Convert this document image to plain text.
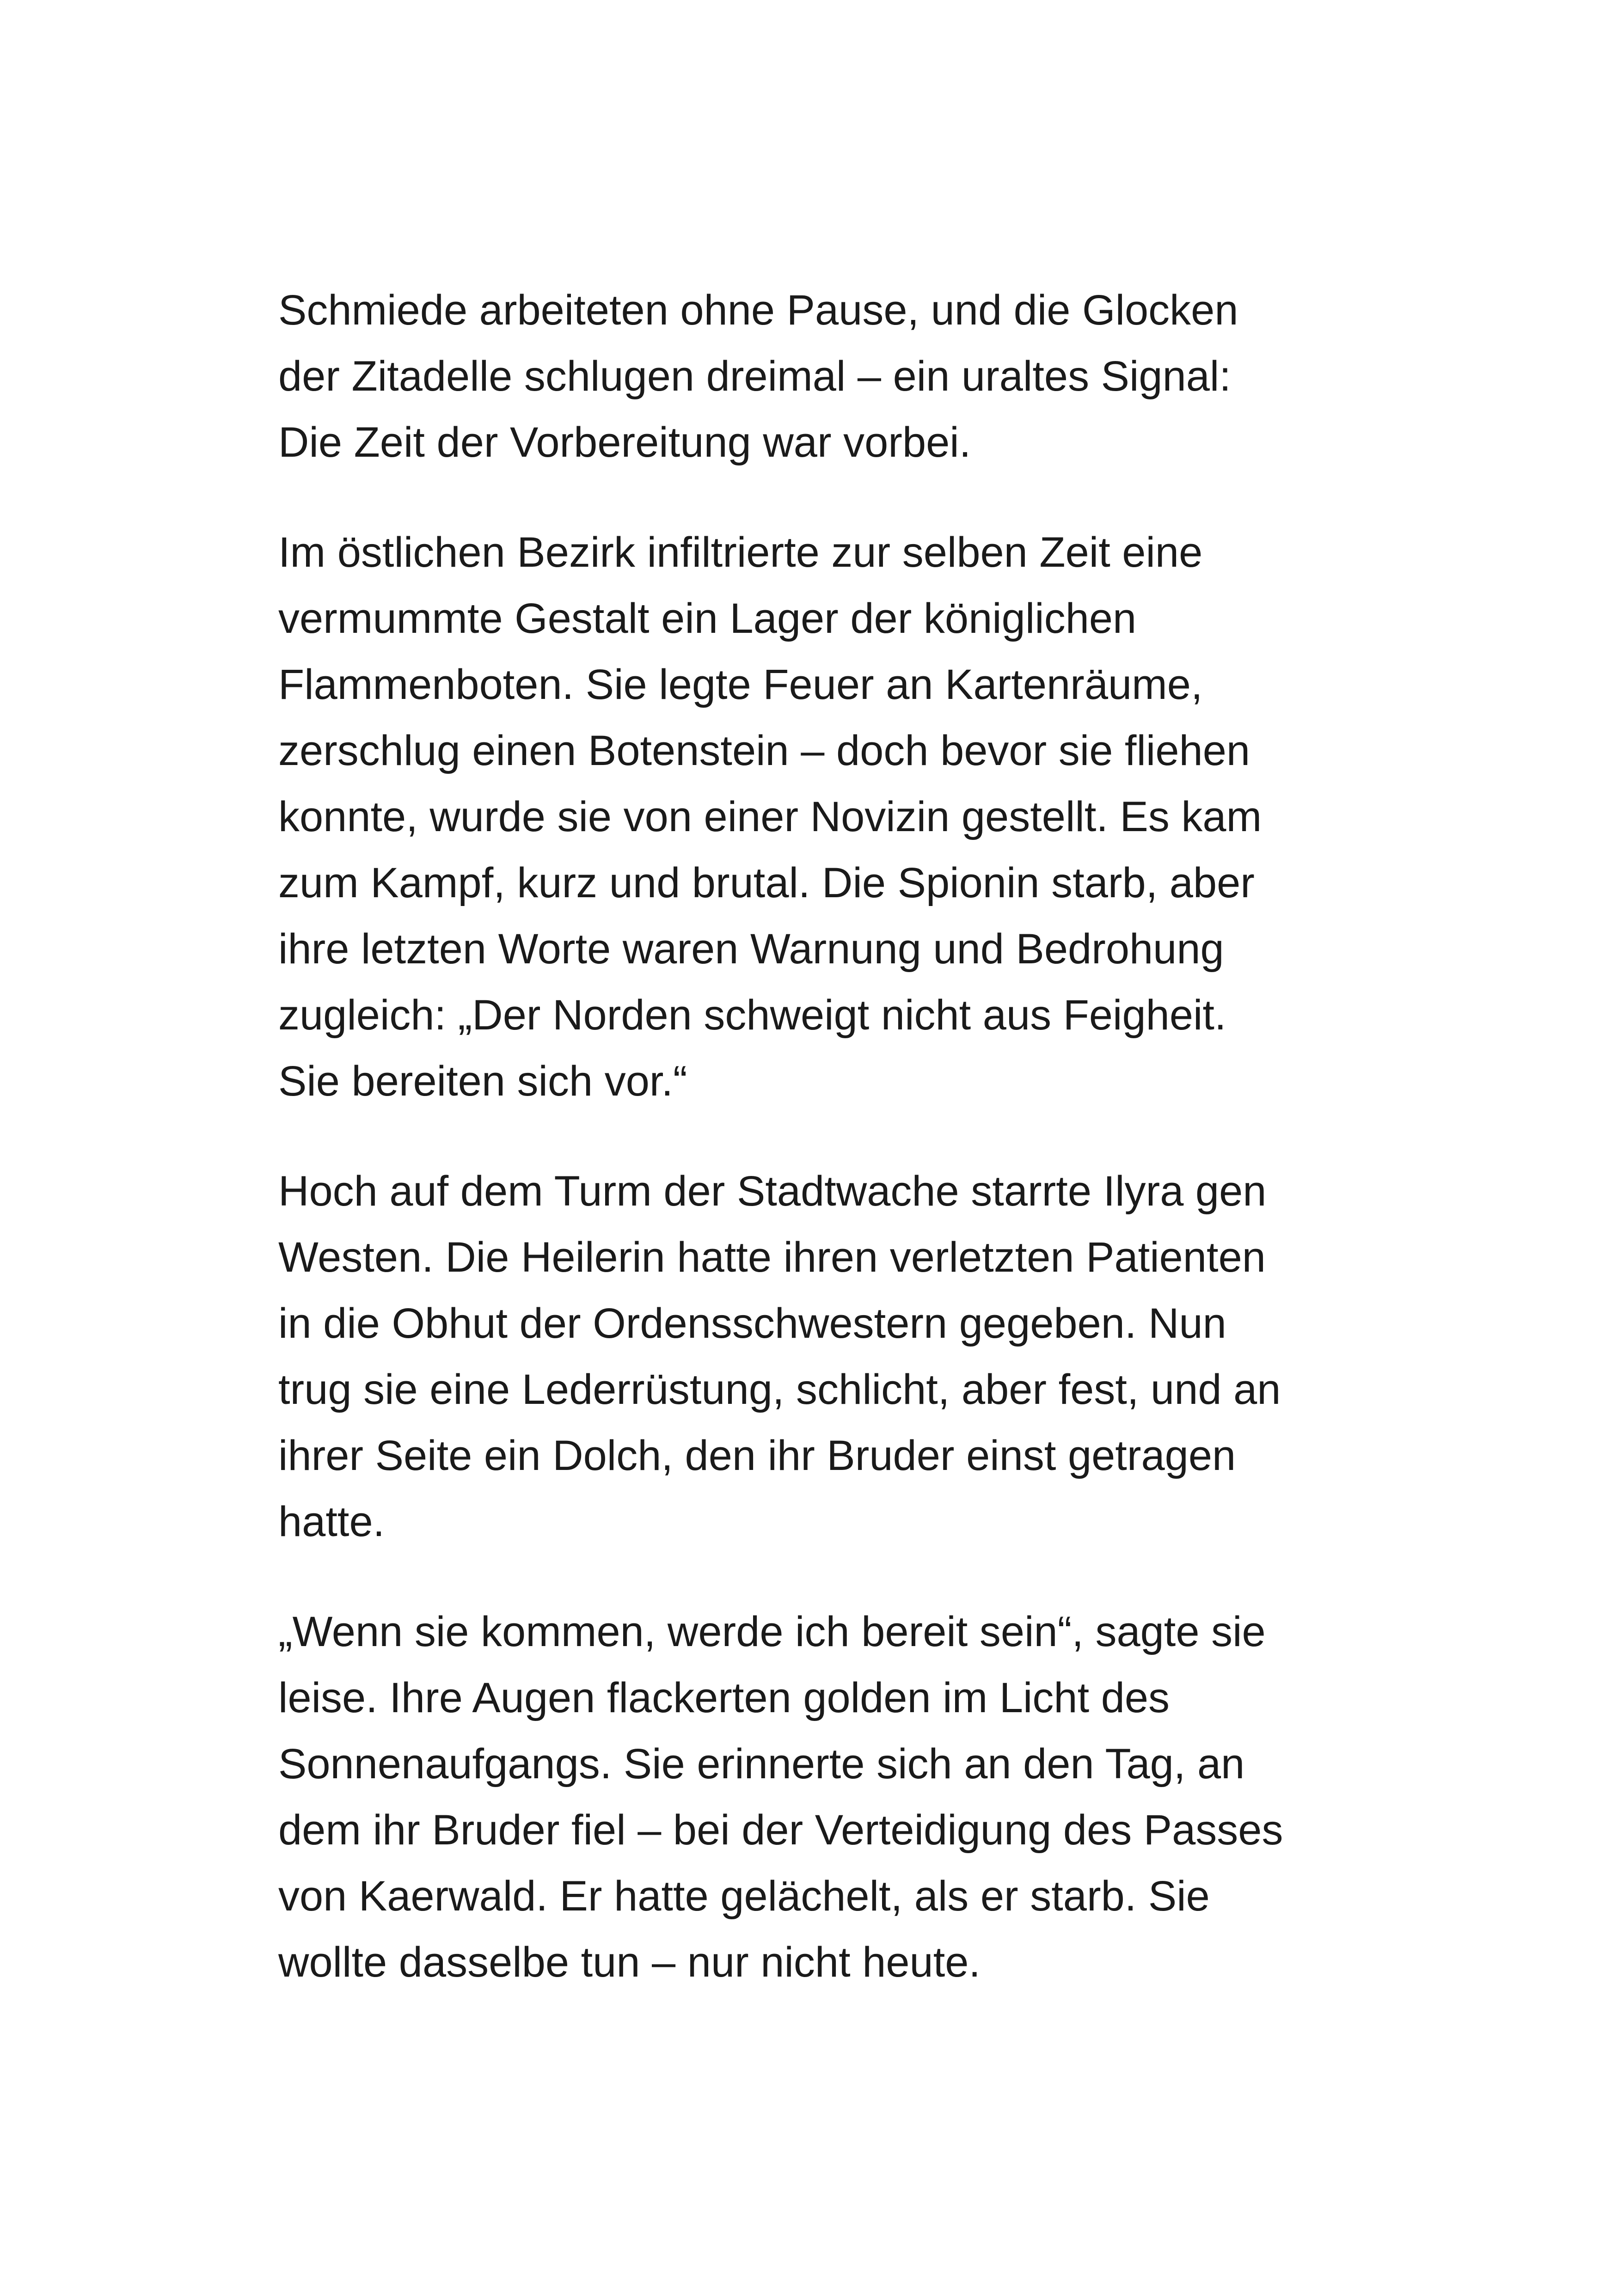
Schmiede arbeiteten ohne Pause, und die Glocken
der Zitadelle schlugen dreimal – ein uraltes Signal:
Die Zeit der Vorbereitung war vorbei.

Im östlichen Bezirk infiltrierte zur selben Zeit eine
vermummte Gestalt ein Lager der königlichen
Flammenboten. Sie legte Feuer an Kartenräume,
zerschlug einen Botenstein – doch bevor sie fliehen
konnte, wurde sie von einer Novizin gestellt. Es kam
zum Kampf, kurz und brutal. Die Spionin starb, aber
ihre letzten Worte waren Warnung und Bedrohung
zugleich: „Der Norden schweigt nicht aus Feigheit.
Sie bereiten sich vor.“

Hoch auf dem Turm der Stadtwache starrte Ilyra gen
Westen. Die Heilerin hatte ihren verletzten Patienten
in die Obhut der Ordensschwestern gegeben. Nun
trug sie eine Lederrüstung, schlicht, aber fest, und an
ihrer Seite ein Dolch, den ihr Bruder einst getragen
hatte.

„Wenn sie kommen, werde ich bereit sein“, sagte sie
leise. Ihre Augen flackerten golden im Licht des
Sonnenaufgangs. Sie erinnerte sich an den Tag, an
dem ihr Bruder fiel – bei der Verteidigung des Passes
von Kaerwald. Er hatte gelächelt, als er starb. Sie
wollte dasselbe tun – nur nicht heute.
